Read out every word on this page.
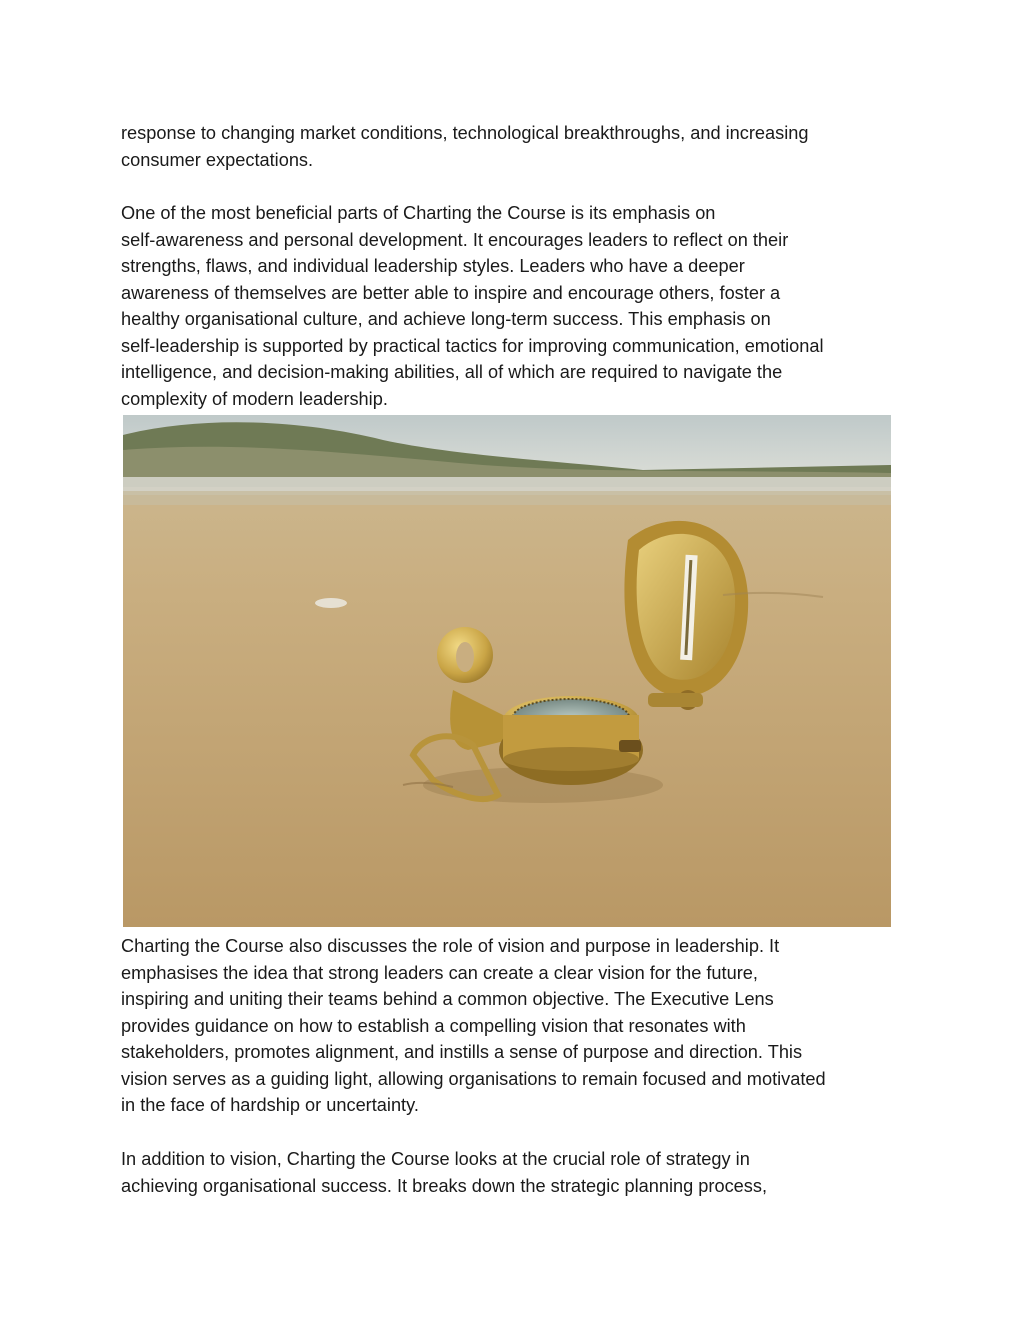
response to changing market conditions, technological breakthroughs, and increasing
consumer expectations.

One of the most beneficial parts of Charting the Course is its emphasis on
self-awareness and personal development. It encourages leaders to reflect on their
strengths, flaws, and individual leadership styles. Leaders who have a deeper
awareness of themselves are better able to inspire and encourage others, foster a
healthy organisational culture, and achieve long-term success. This emphasis on
self-leadership is supported by practical tactics for improving communication, emotional
intelligence, and decision-making abilities, all of which are required to navigate the
complexity of modern leadership.

Charting the Course also discusses the role of vision and purpose in leadership. It
emphasises the idea that strong leaders can create a clear vision for the future,
inspiring and uniting their teams behind a common objective. The Executive Lens
provides guidance on how to establish a compelling vision that resonates with
stakeholders, promotes alignment, and instills a sense of purpose and direction. This
vision serves as a guiding light, allowing organisations to remain focused and motivated
in the face of hardship or uncertainty.

In addition to vision, Charting the Course looks at the crucial role of strategy in
achieving organisational success. It breaks down the strategic planning process,
